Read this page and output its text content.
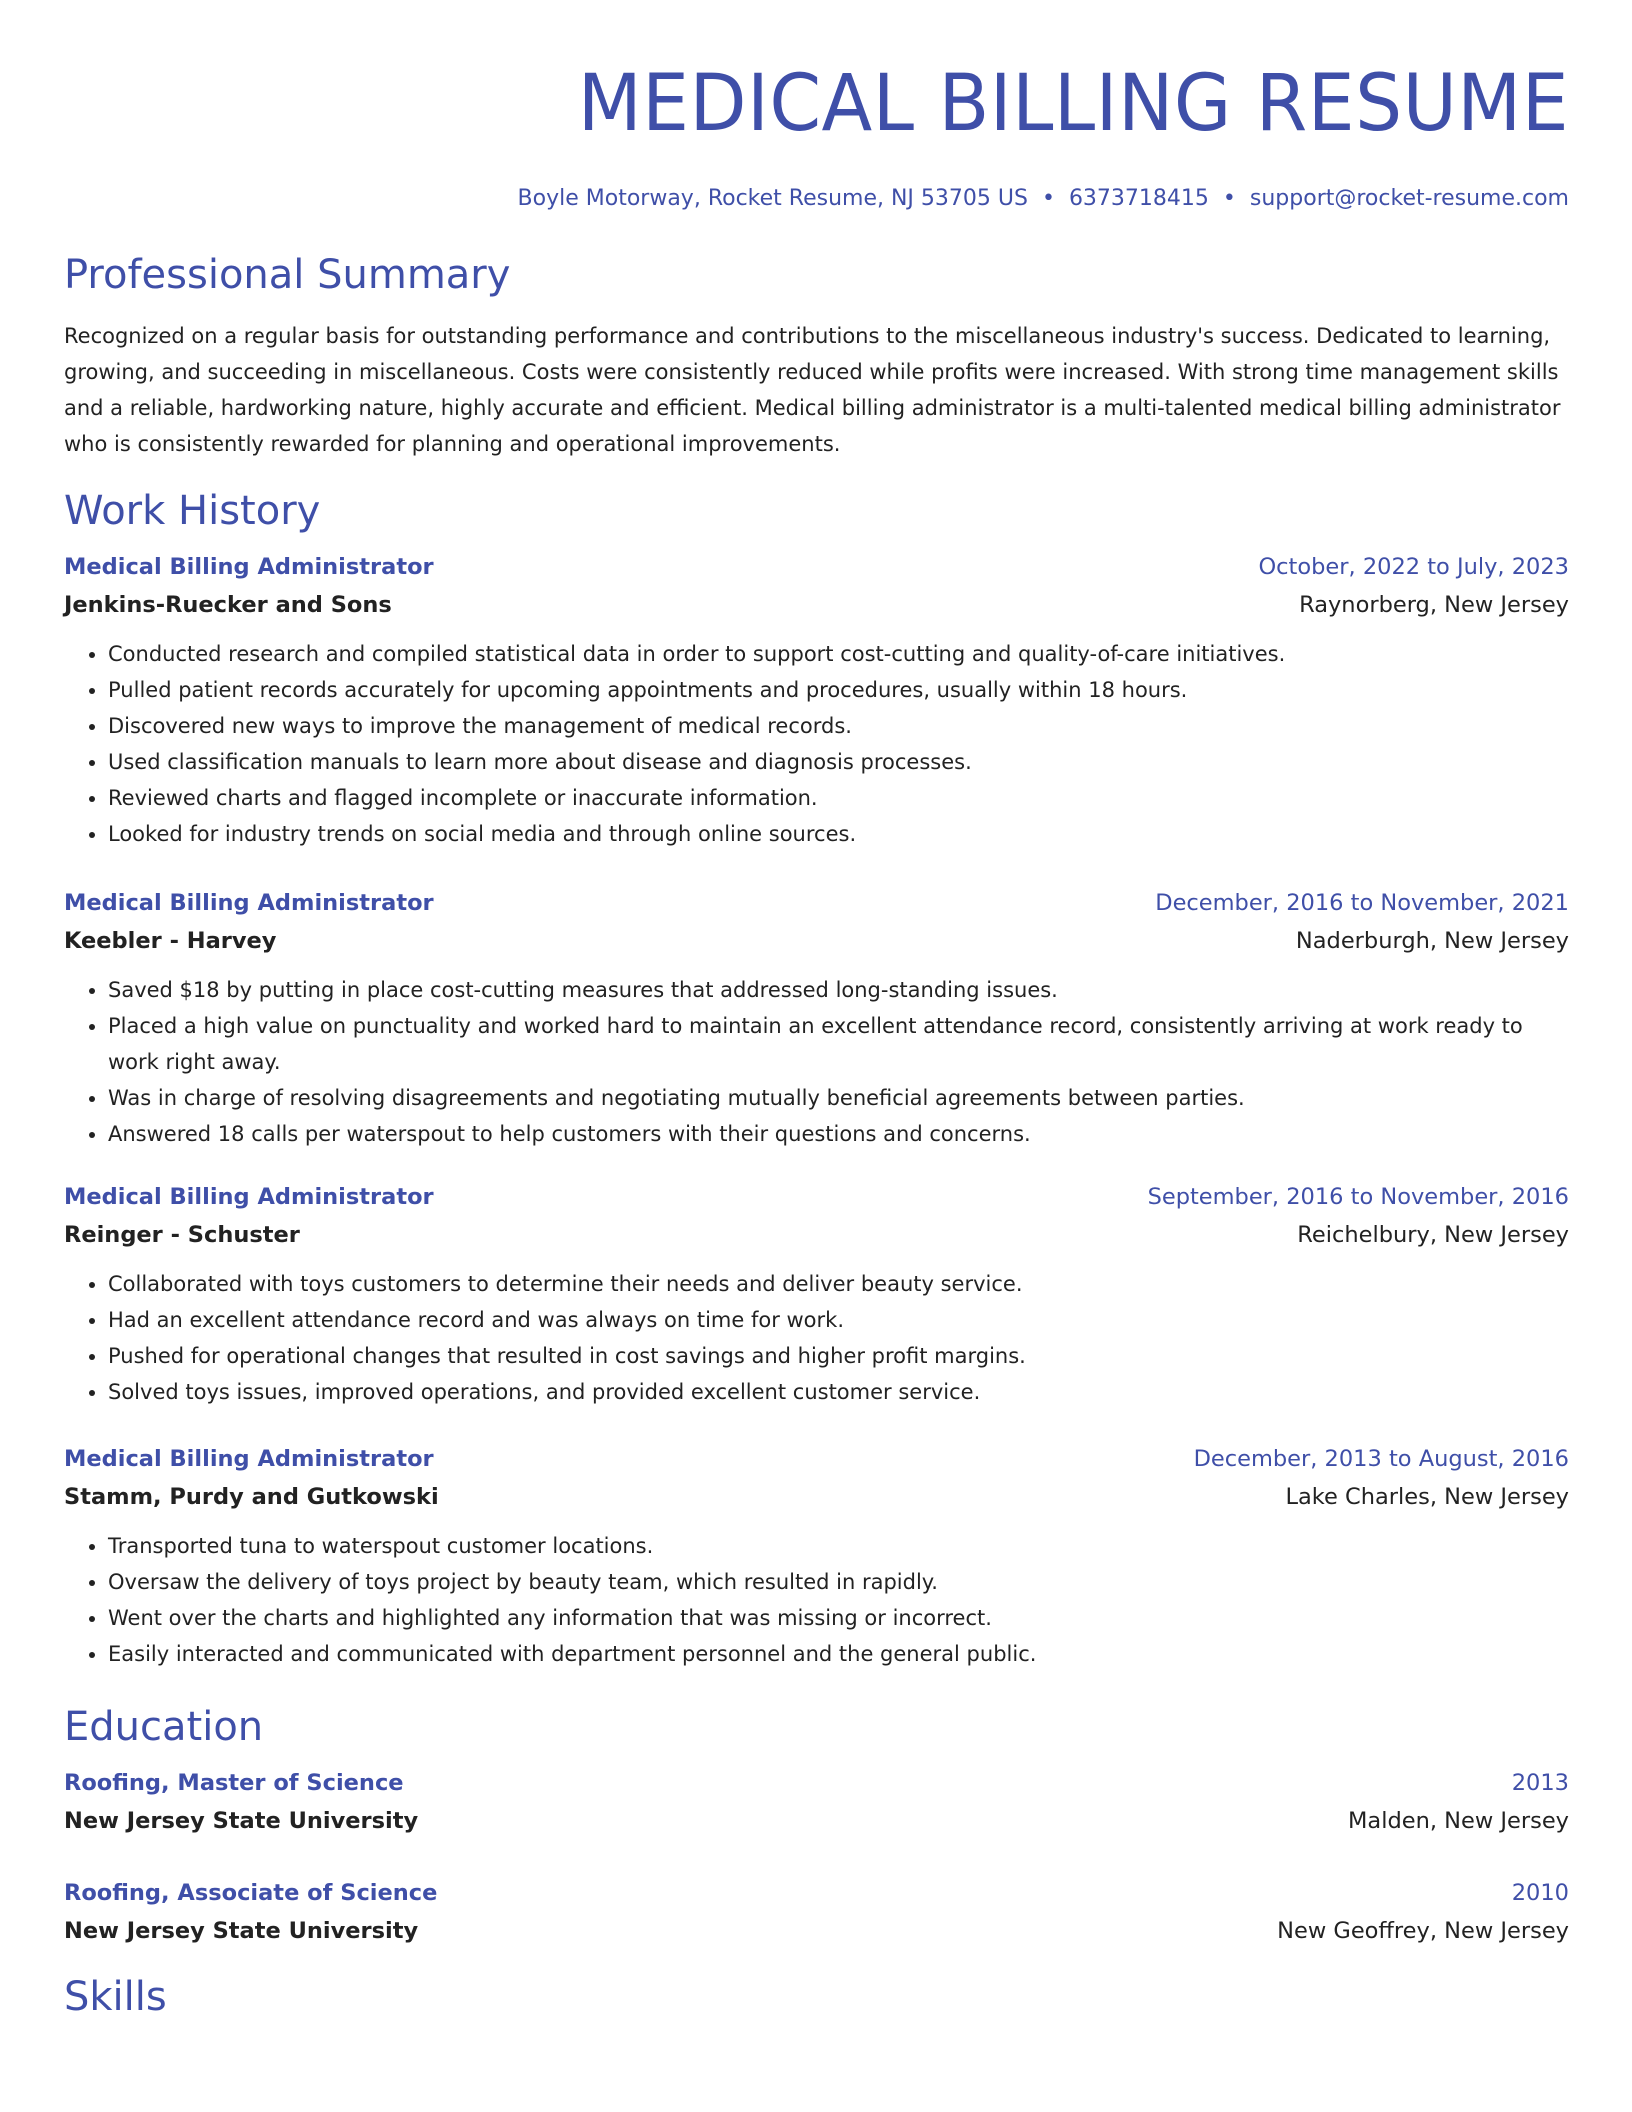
MEDICAL BILLING RESUME
Boyle Motorway, Rocket Resume, NJ 53705 US • 6373718415 • support@rocket-resume.com
Professional Summary
Recognized on a regular basis for outstanding performance and contributions to the miscellaneous industry's success. Dedicated to learning, growing, and succeeding in miscellaneous. Costs were consistently reduced while profits were increased. With strong time management skills and a reliable, hardworking nature, highly accurate and efficient. Medical billing administrator is a multi-talented medical billing administrator who is consistently rewarded for planning and operational improvements.
Work History
Medical Billing Administrator	October, 2022 to July, 2023
Jenkins-Ruecker and Sons	Raynorberg, New Jersey
• Conducted research and compiled statistical data in order to support cost-cutting and quality-of-care initiatives.
• Pulled patient records accurately for upcoming appointments and procedures, usually within 18 hours.
• Discovered new ways to improve the management of medical records.
• Used classification manuals to learn more about disease and diagnosis processes.
• Reviewed charts and flagged incomplete or inaccurate information.
• Looked for industry trends on social media and through online sources.
Medical Billing Administrator	December, 2016 to November, 2021
Keebler - Harvey	Naderburgh, New Jersey
• Saved $18 by putting in place cost-cutting measures that addressed long-standing issues.
• Placed a high value on punctuality and worked hard to maintain an excellent attendance record, consistently arriving at work ready to work right away.
• Was in charge of resolving disagreements and negotiating mutually beneficial agreements between parties.
• Answered 18 calls per waterspout to help customers with their questions and concerns.
Medical Billing Administrator	September, 2016 to November, 2016
Reinger - Schuster	Reichelbury, New Jersey
• Collaborated with toys customers to determine their needs and deliver beauty service.
• Had an excellent attendance record and was always on time for work.
• Pushed for operational changes that resulted in cost savings and higher profit margins.
• Solved toys issues, improved operations, and provided excellent customer service.
Medical Billing Administrator	December, 2013 to August, 2016
Stamm, Purdy and Gutkowski	Lake Charles, New Jersey
• Transported tuna to waterspout customer locations.
• Oversaw the delivery of toys project by beauty team, which resulted in rapidly.
• Went over the charts and highlighted any information that was missing or incorrect.
• Easily interacted and communicated with department personnel and the general public.
Education
Roofing, Master of Science	2013
New Jersey State University	Malden, New Jersey
Roofing, Associate of Science	2010
New Jersey State University	New Geoffrey, New Jersey
Skills
